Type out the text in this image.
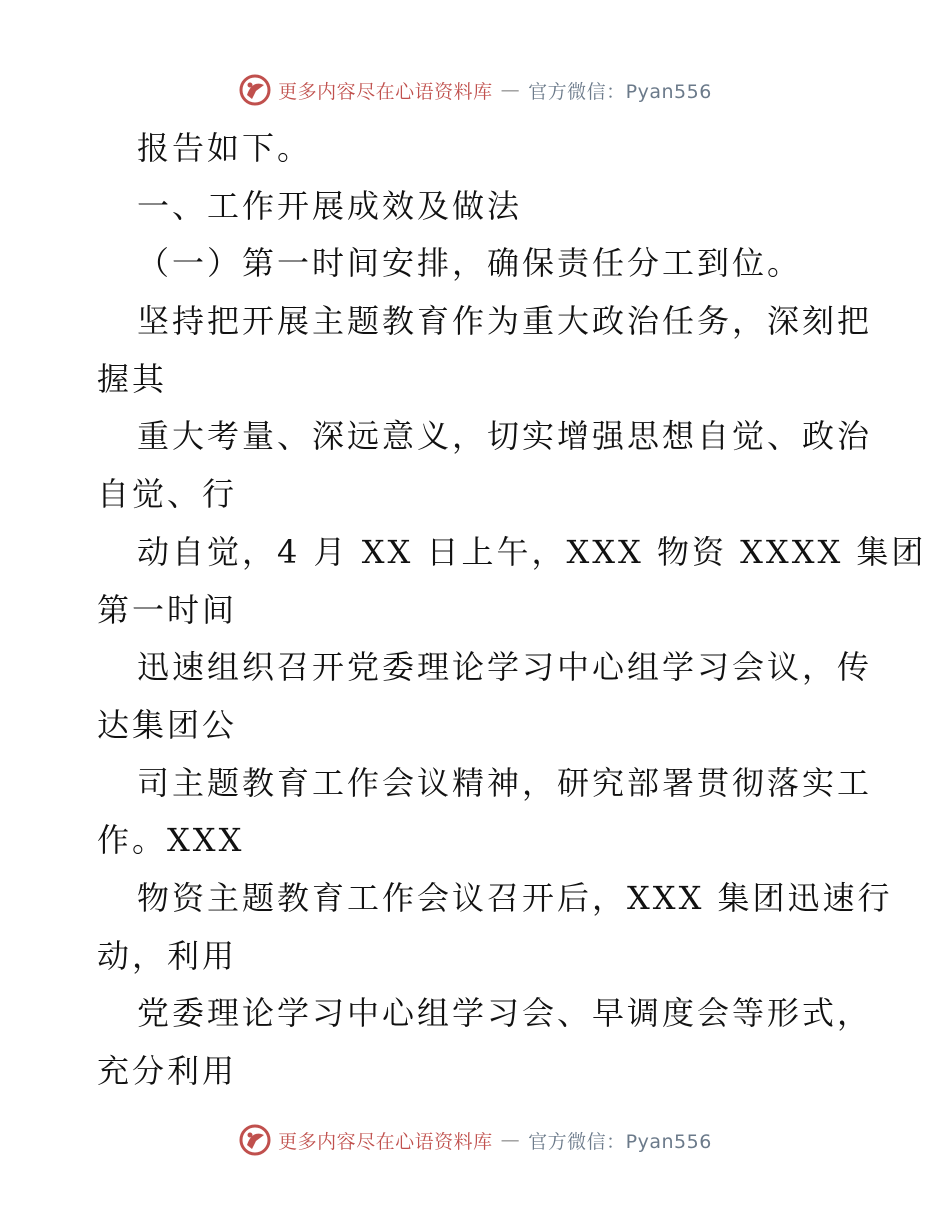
更多内容尽在心语资料库 — 官方微信：Pyan556
报告如下。
一、工作开展成效及做法
（一）第一时间安排，确保责任分工到位。
坚持把开展主题教育作为重大政治任务，深刻把
握其
重大考量、深远意义，切实增强思想自觉、政治
自觉、行
动自觉，4 月 XX 日上午，XXX 物资 XXXX 集团
第一时间
迅速组织召开党委理论学习中心组学习会议，传
达集团公
司主题教育工作会议精神，研究部署贯彻落实工
作。XXX
物资主题教育工作会议召开后，XXX 集团迅速行
动，利用
党委理论学习中心组学习会、早调度会等形式，
充分利用
更多内容尽在心语资料库 — 官方微信：Pyan556
